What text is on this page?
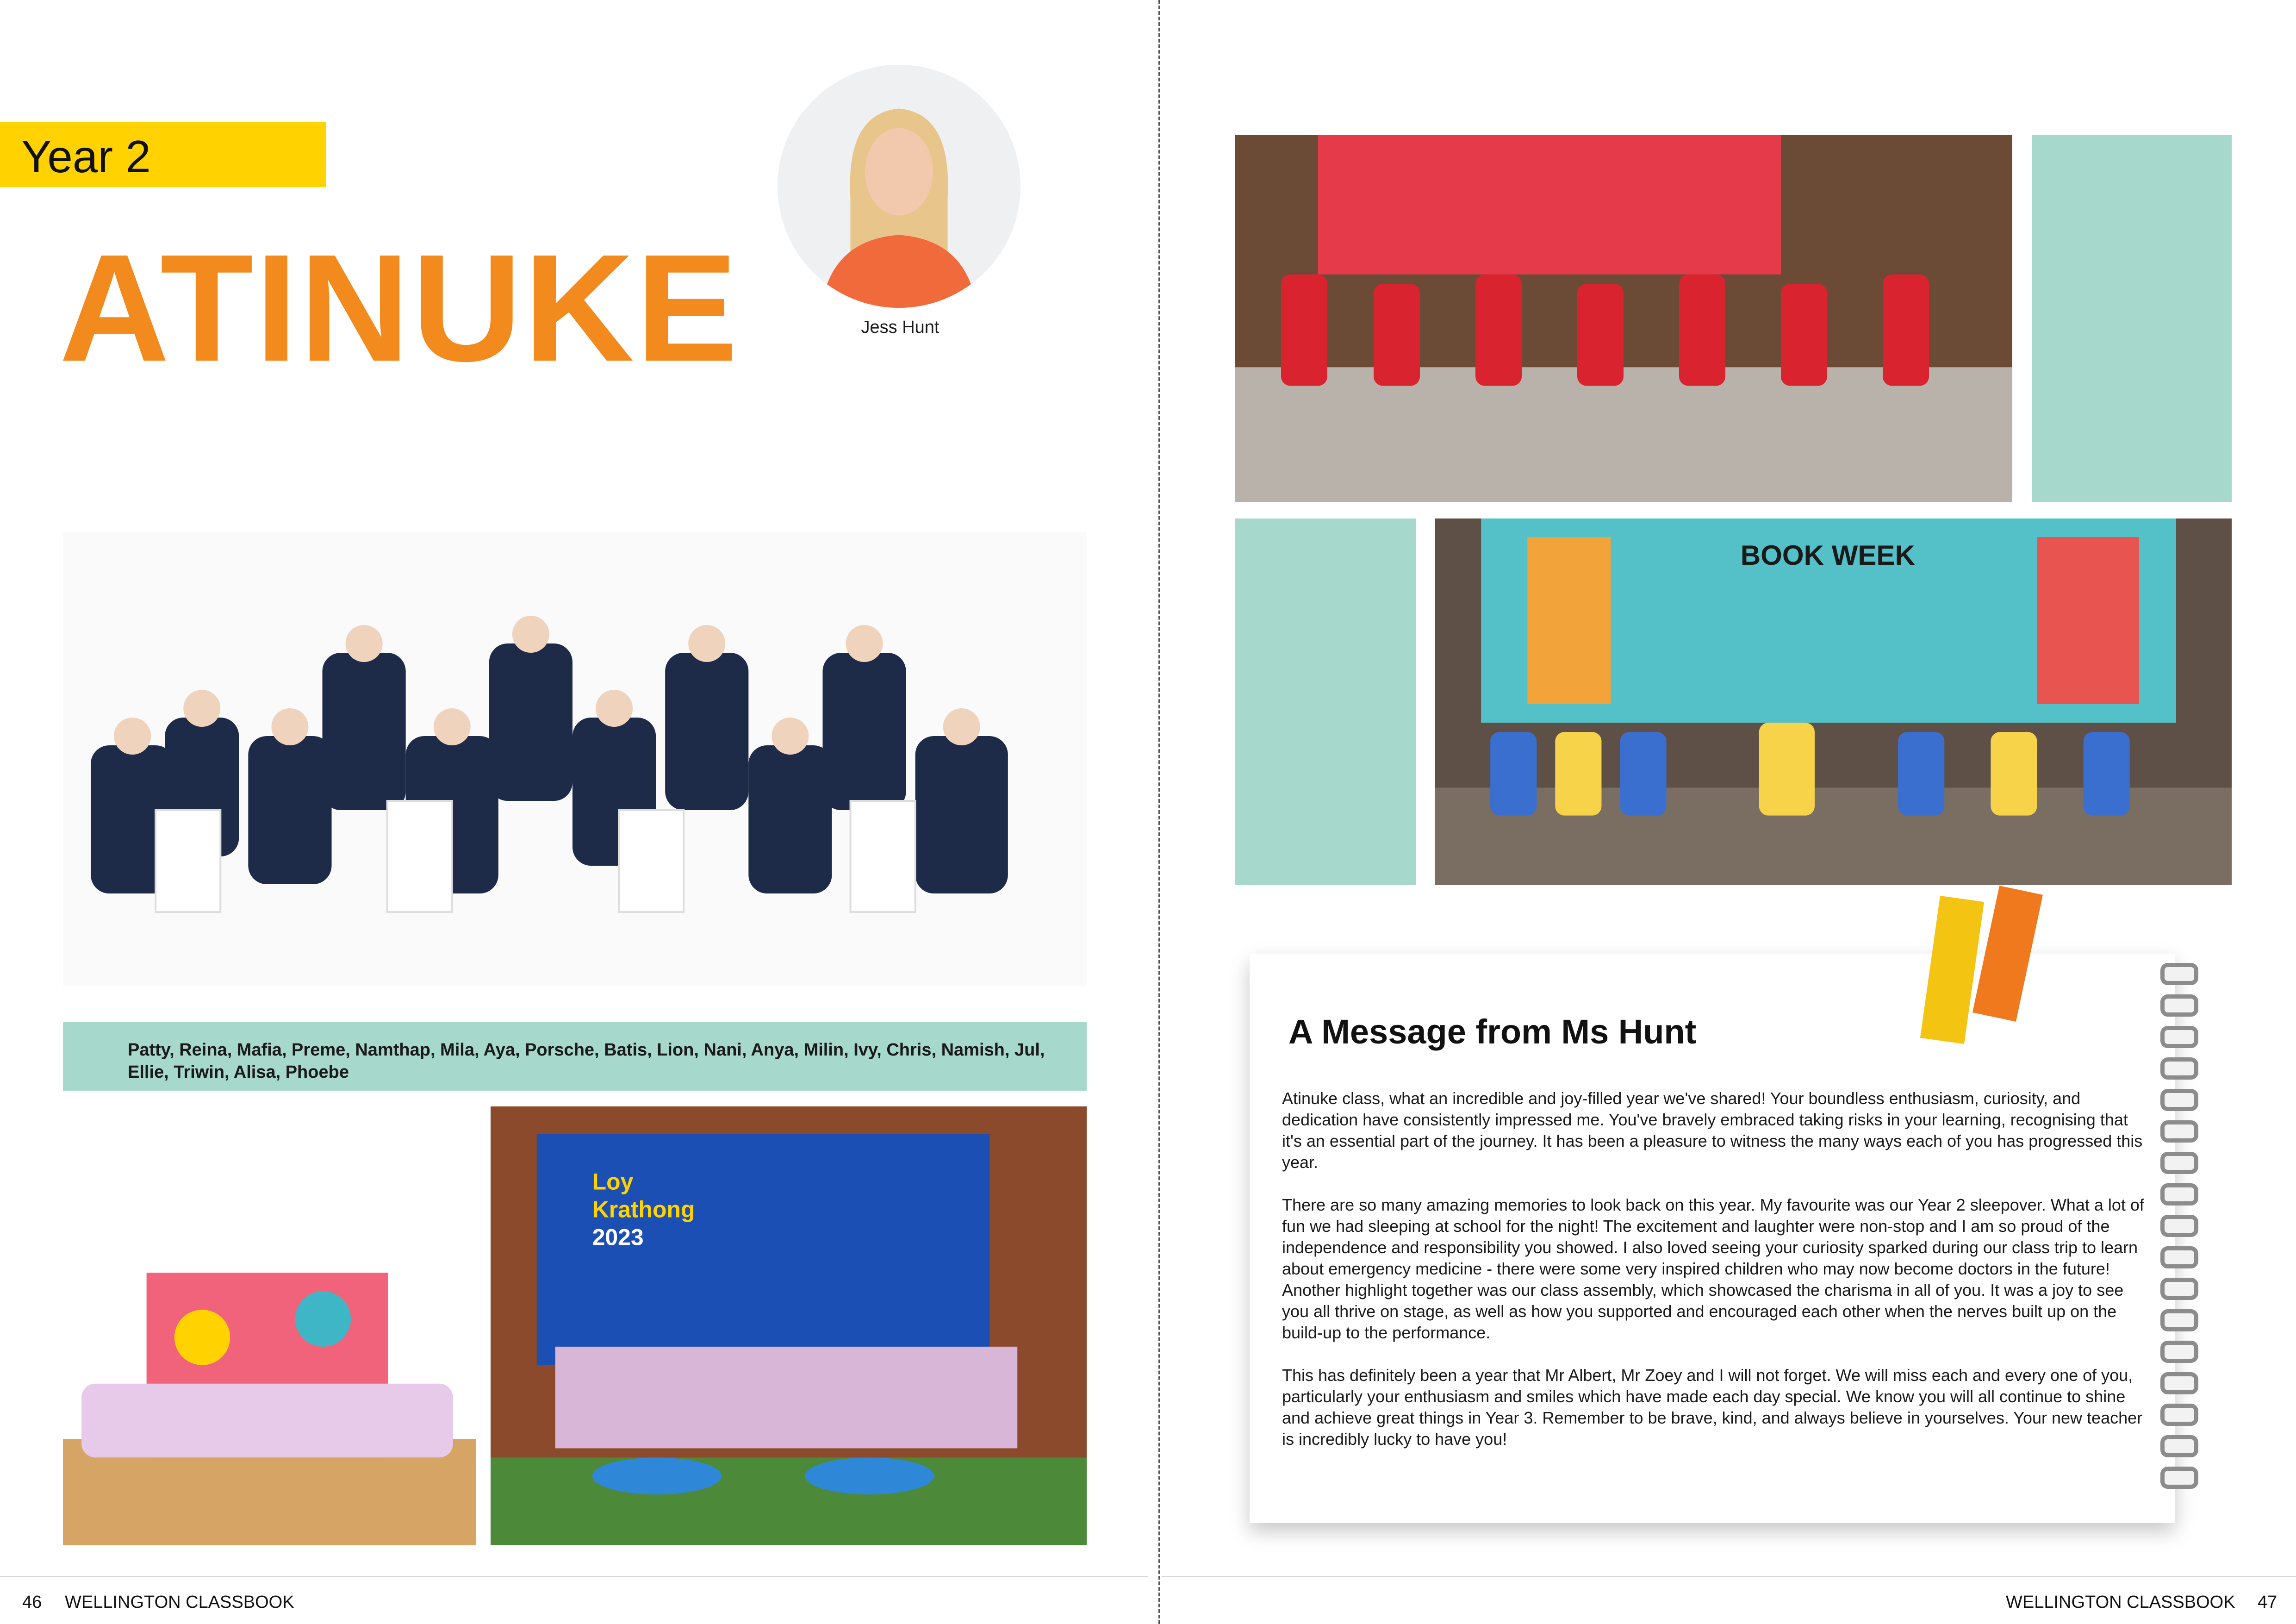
Year 2
ATINUKE	Jess Hunt
Patty, Reina, Mafia, Preme, Namthap, Mila, Aya, Porsche, Batis, Lion, Nani, Anya, Milin, Ivy, Chris, Namish, Jul, Ellie, Triwin, Alisa, Phoebe
Loy
Krathong
2023
46 WELLINGTON CLASSBOOK
BOOK WEEK
A Message from Ms Hunt

Atinuke class, what an incredible and joy-filled year we've shared! Your boundless enthusiasm, curiosity, and dedication have consistently impressed me. You've bravely embraced taking risks in your learning, recognising that it's an essential part of the journey. It has been a pleasure to witness the many ways each of you has progressed this year.

There are so many amazing memories to look back on this year. My favourite was our Year 2 sleepover. What a lot of fun we had sleeping at school for the night! The excitement and laughter were non-stop and I am so proud of the independence and responsibility you showed. I also loved seeing your curiosity sparked during our class trip to learn about emergency medicine - there were some very inspired children who may now become doctors in the future! Another highlight together was our class assembly, which showcased the charisma in all of you. It was a joy to see you all thrive on stage, as well as how you supported and encouraged each other when the nerves built up on the build-up to the performance.

This has definitely been a year that Mr Albert, Mr Zoey and I will not forget. We will miss each and every one of you, particularly your enthusiasm and smiles which have made each day special. We know you will all continue to shine and achieve great things in Year 3. Remember to be brave, kind, and always believe in yourselves. Your new teacher is incredibly lucky to have you!

WELLINGTON CLASSBOOK 47
